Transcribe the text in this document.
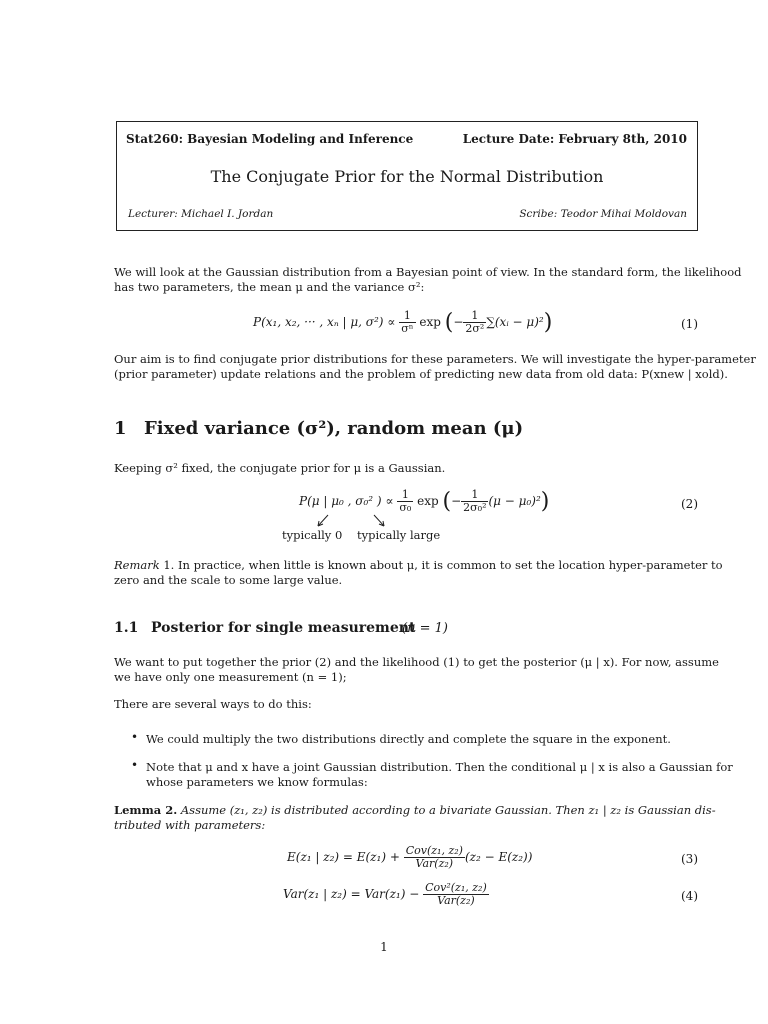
Stat260: Bayesian Modeling and Inference	Lecture Date: February 8th, 2010
The Conjugate Prior for the Normal Distribution
Lecturer: Michael I. Jordan	Scribe: Teodor Mihai Moldovan
We will look at the Gaussian distribution from a Bayesian point of view. In the standard form, the likelihood
has two parameters, the mean μ and the variance σ²:
P(x₁, x₂, ··· , xₙ | μ, $\sigma^2) \propto \frac{1}{\text{σⁿ}}$ exp (− $\frac{1}{\text{2σ²}}$ ∑(xᵢ − μ)²)	(1)
Our aim is to find conjugate prior distributions for these parameters. We will investigate the hyper-parameter
(prior parameter) update relations and the problem of predicting new data from old data: P(xnew | xold).
1 Fixed variance (σ²), random mean (μ)
Keeping σ² fixed, the conjugate prior for μ is a Gaussian.
P(μ | μ₀ , σ₀² ) ∝ $\frac{1}{\text{σ₀}}$ exp (− $\frac{1}{\text{2σ₀²}} (\mu - \mu_0)^2$)	(2)
typically 0 typically large
Remark 1. In practice, when little is known about μ, it is common to set the location hyper-parameter to
zero and the scale to some large value.
1.1 Posterior for single measurement
(n = 1)
We want to put together the prior (2) and the likelihood (1) to get the posterior (μ | x). For now, assume
we have only one measurement (n = 1);
There are several ways to do this:
• We could multiply the two distributions directly and complete the square in the exponent.
• Note that μ and x have a joint Gaussian distribution. Then the conditional μ | x is also a Gaussian for
whose parameters we know formulas:
Lemma 2. Assume (z₁, z₂) is distributed according to a bivariate Gaussian. Then z₁ | z₂ is Gaussian dis-
tributed with parameters:
E(z₁ | $z_2) = E(z_1) + \frac{\text{Cov(z₁, z₂)}}{\text{Var(z₂)}} (z_2 - E(z_2))$	(3)
Var(z₁ | $z_2) = Var(z_1) - \frac{\text{Cov²(z₁, z₂)}}{\text{Var(z₂)}}$	(4)
1
